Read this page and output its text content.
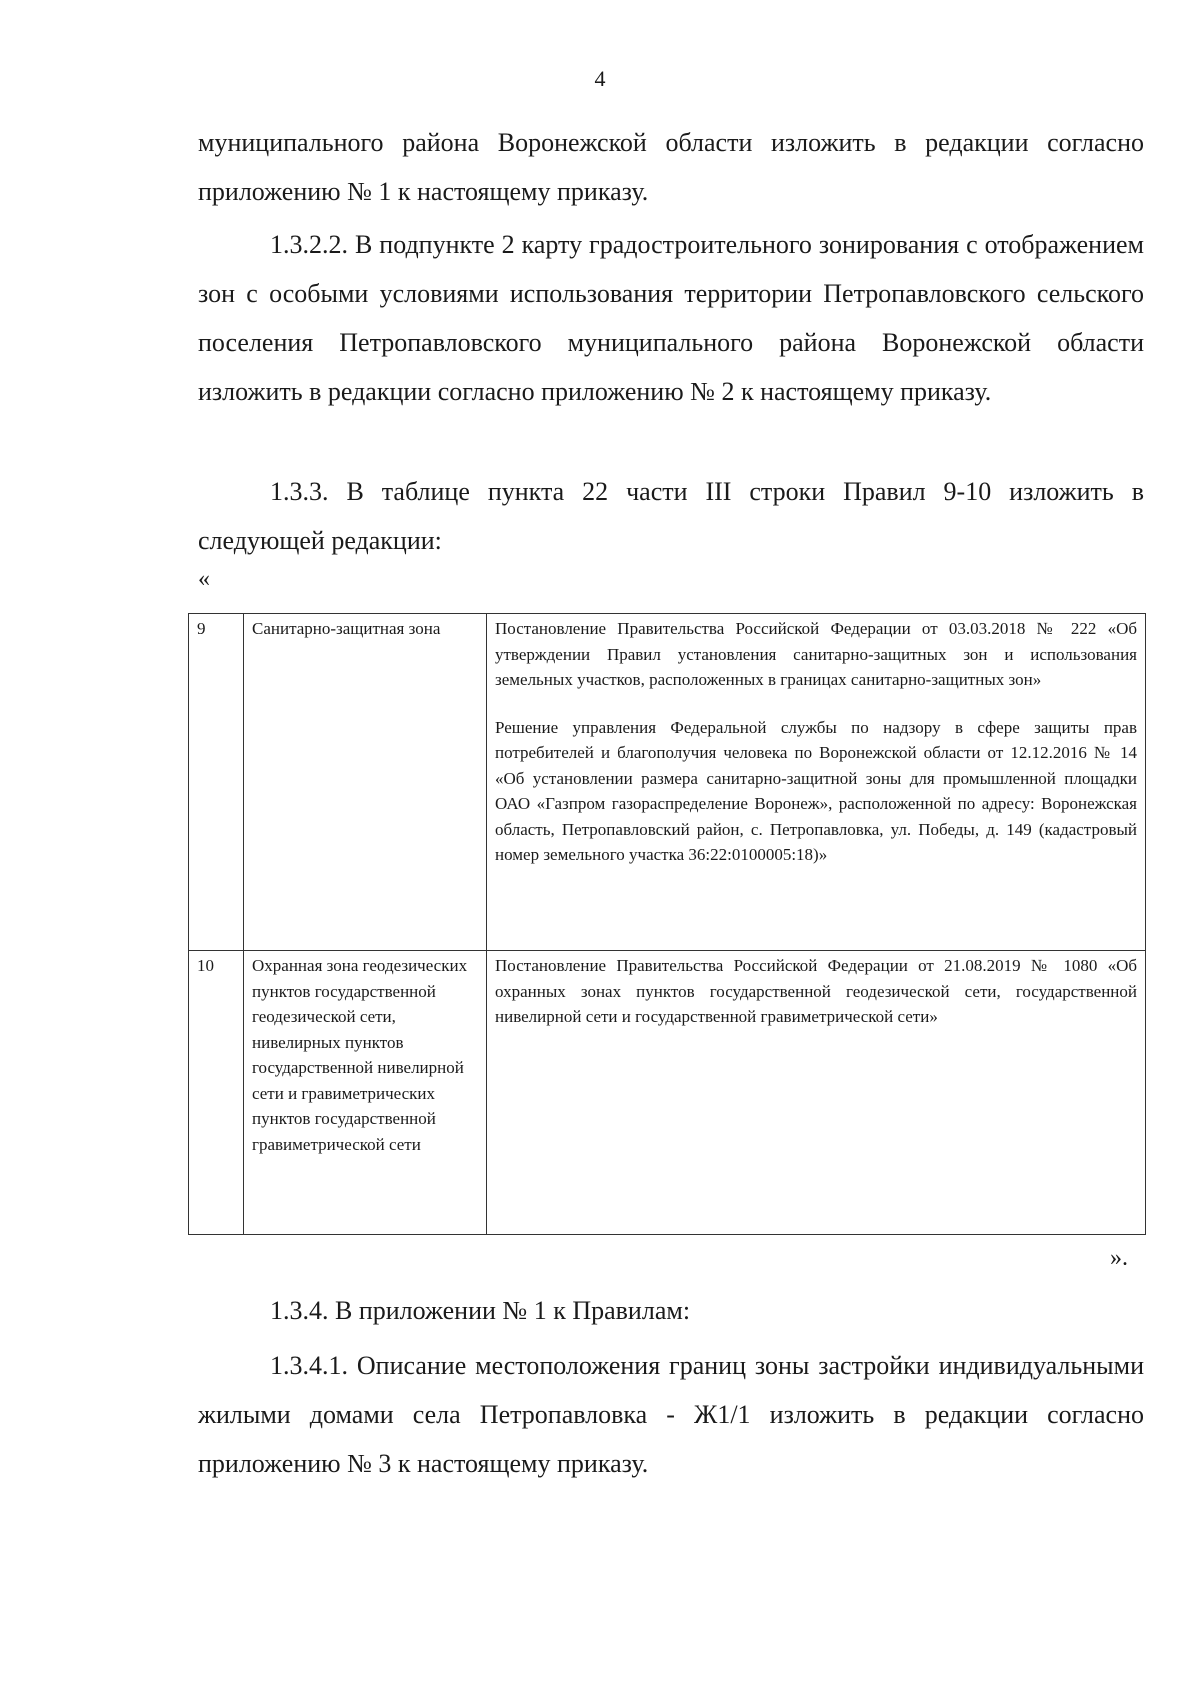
4

муниципального района Воронежской области изложить в редакции согласно

приложению № 1 к настоящему приказу.

1.3.2.2. В подпункте 2 карту градостроительного зонирования с отображением зон с особыми условиями использования территории Петропавловского сельского поселения Петропавловского муниципального района Воронежской области изложить в редакции согласно приложению № 2 к настоящему приказу.

1.3.3. В таблице пункта 22 части III строки Правил 9-10 изложить в следующей редакции:

«
9	Санитарно-защитная зона	Постановление Правительства Российской Федерации от 03.03.2018 № 222 «Об утверждении Правил установления санитарно-защитных зон и использования земельных участков, расположенных в границах санитарно-защитных зон»

Решение управления Федеральной службы по надзору в сфере защиты прав потребителей и благополучия человека по Воронежской области от 12.12.2016 № 14 «Об установлении размера санитарно-защитной зоны для промышленной площадки ОАО «Газпром газораспределение Воронеж», расположенной по адресу: Воронежская область, Петропавловский район, с. Петропавловка, ул. Победы, д. 149 (кадастровый номер земельного участка 36:22:0100005:18)»

10	Охранная зона геодезических пунктов государственной геодезической сети, нивелирных пунктов государственной нивелирной сети и гравиметрических пунктов государственной гравиметрической сети	Постановление Правительства Российской Федерации от 21.08.2019 № 1080 «Об охранных зонах пунктов государственной геодезической сети, государственной нивелирной сети и государственной гравиметрической сети»

».

1.3.4. В приложении № 1 к Правилам:

1.3.4.1. Описание местоположения границ зоны застройки индивидуальными жилыми домами села Петропавловка - Ж1/1 изложить в редакции согласно приложению № 3 к настоящему приказу.
